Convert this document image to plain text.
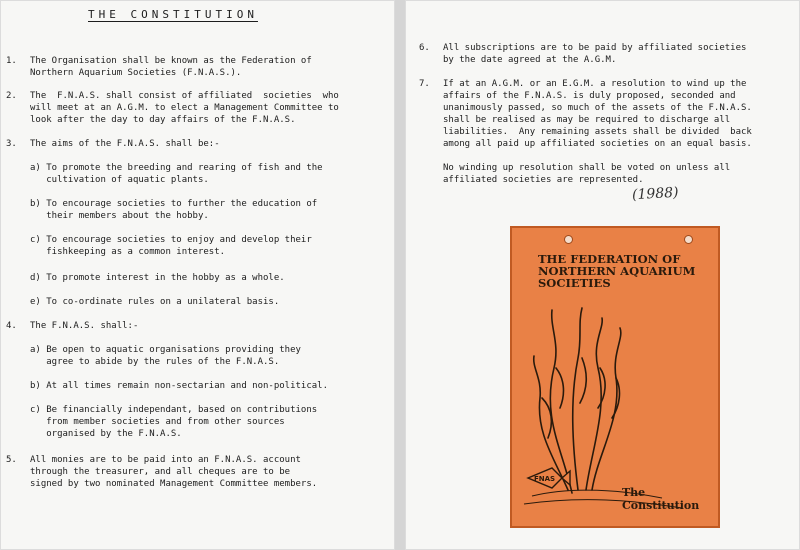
THE CONSTITUTION
1. The Organisation shall be known as the Federation of
Northern Aquarium Societies (F.N.A.S.).
2. The  F.N.A.S. shall consist of affiliated  societies  who
will meet at an A.G.M. to elect a Management Committee to
look after the day to day affairs of the F.N.A.S.
3. The aims of the F.N.A.S. shall be:-
a) To promote the breeding and rearing of fish and the
cultivation of aquatic plants.
b) To encourage societies to further the education of
their members about the hobby.
c) To encourage societies to enjoy and develop their
fishkeeping as a common interest.
d) To promote interest in the hobby as a whole.
e) To co-ordinate rules on a unilateral basis.
4. The F.N.A.S. shall:-
a) Be open to aquatic organisations providing they
agree to abide by the rules of the F.N.A.S.
b) At all times remain non-sectarian and non-political.
c) Be financially independant, based on contributions
from member societies and from other sources
organised by the F.N.A.S.
5. All monies are to be paid into an F.N.A.S. account
through the treasurer, and all cheques are to be
signed by two nominated Management Committee members.
6. All subscriptions are to be paid by affiliated societies
by the date agreed at the A.G.M.
7. If at an A.G.M. or an E.G.M. a resolution to wind up the
affairs of the F.N.A.S. is duly proposed, seconded and
unanimously passed, so much of the assets of the F.N.A.S.
shall be realised as may be required to discharge all
liabilities.  Any remaining assets shall be divided  back
among all paid up affiliated societies on an equal basis.

No winding up resolution shall be voted on unless all
affiliated societies are represented.
(1988)
THE FEDERATION OF NORTHERN AQUARIUM SOCIETIES
FNAS
The
Constitution
